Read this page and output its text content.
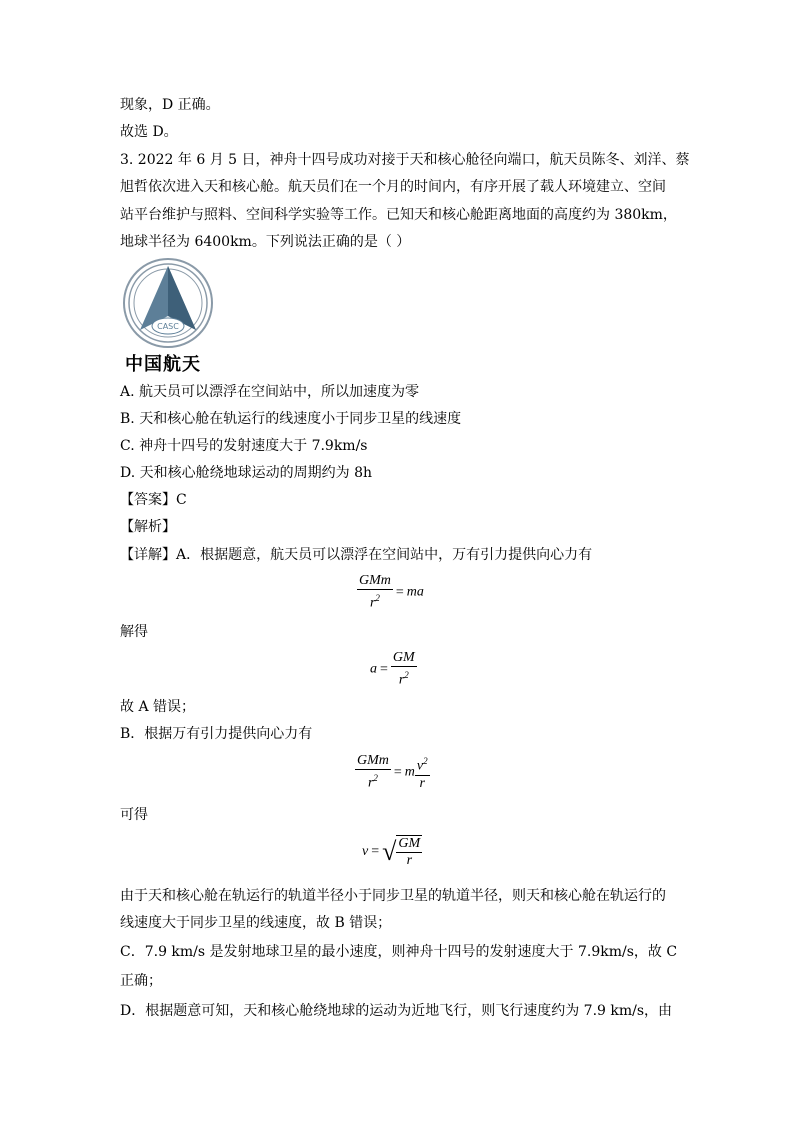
现象，D 正确。
故选 D。
3. 2022 年 6 月 5 日，神舟十四号成功对接于天和核心舱径向端口，航天员陈冬、刘洋、蔡
旭哲依次进入天和核心舱。航天员们在一个月的时间内，有序开展了载人环境建立、空间
站平台维护与照料、空间科学实验等工作。已知天和核心舱距离地面的高度约为 380km，
地球半径为 6400km。下列说法正确的是（ ）
CASC
中国航天
A. 航天员可以漂浮在空间站中，所以加速度为零
B. 天和核心舱在轨运行的线速度小于同步卫星的线速度
C. 神舟十四号的发射速度大于 7.9km/s
D. 天和核心舱绕地球运动的周期约为 8h
【答案】C
【解析】
【详解】A．根据题意，航天员可以漂浮在空间站中，万有引力提供向心力有
$\frac{\text{GMm}}{r^2}$ = ma
解得
$a = \frac{GM}{r^2}$
故 A 错误；
B．根据万有引力提供向心力有
$\frac{\text{GMm}}{r^2} = m \frac{v^2}{r}$
可得
v = √ $\frac{GM}{r}$
由于天和核心舱在轨运行的轨道半径小于同步卫星的轨道半径，则天和核心舱在轨运行的
线速度大于同步卫星的线速度，故 B 错误；
C．7.9 km/s 是发射地球卫星的最小速度，则神舟十四号的发射速度大于 7.9km/s，故 C
正确；
D．根据题意可知，天和核心舱绕地球的运动为近地飞行，则飞行速度约为 7.9 km/s，由
